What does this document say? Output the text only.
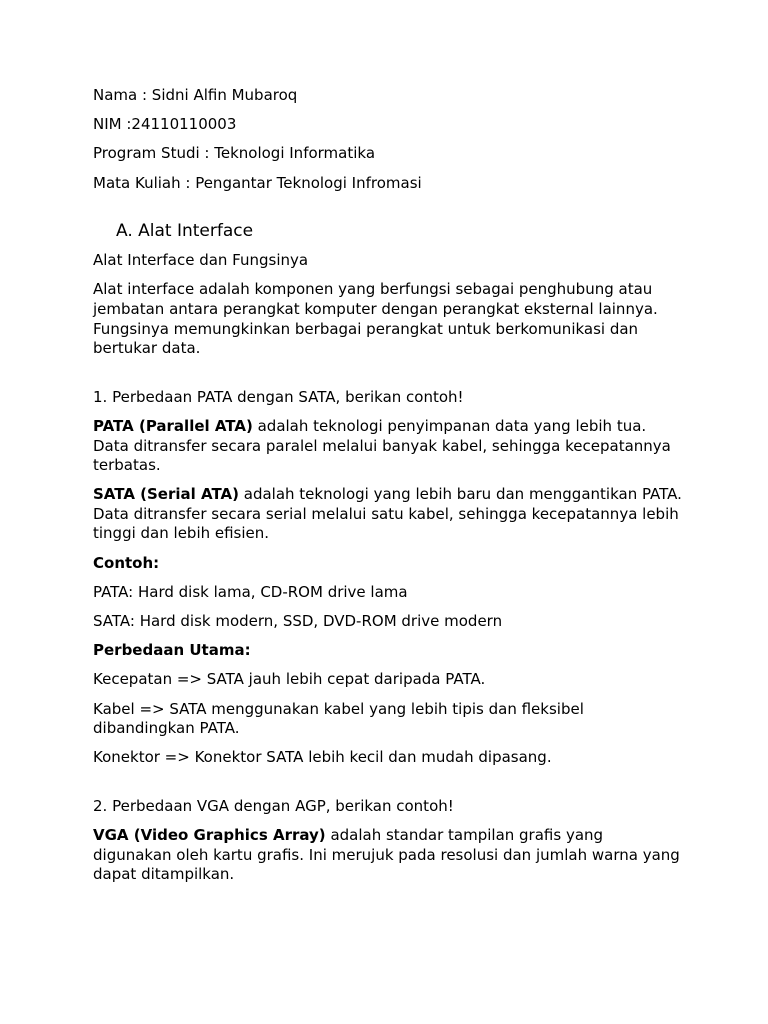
Nama : Sidni Alfin Mubaroq

NIM :24110110003

Program Studi : Teknologi Informatika

Mata Kuliah : Pengantar Teknologi Infromasi

A. Alat Interface

Alat Interface dan Fungsinya

Alat interface adalah komponen yang berfungsi sebagai penghubung atau jembatan antara perangkat komputer dengan perangkat eksternal lainnya. Fungsinya memungkinkan berbagai perangkat untuk berkomunikasi dan bertukar data.

1. Perbedaan PATA dengan SATA, berikan contoh!

PATA (Parallel ATA) adalah teknologi penyimpanan data yang lebih tua. Data ditransfer secara paralel melalui banyak kabel, sehingga kecepatannya terbatas.

SATA (Serial ATA) adalah teknologi yang lebih baru dan menggantikan PATA. Data ditransfer secara serial melalui satu kabel, sehingga kecepatannya lebih tinggi dan lebih efisien.

Contoh:

PATA: Hard disk lama, CD-ROM drive lama

SATA: Hard disk modern, SSD, DVD-ROM drive modern

Perbedaan Utama:

Kecepatan => SATA jauh lebih cepat daripada PATA.

Kabel => SATA menggunakan kabel yang lebih tipis dan fleksibel dibandingkan PATA.

Konektor => Konektor SATA lebih kecil dan mudah dipasang.

2. Perbedaan VGA dengan AGP, berikan contoh!

VGA (Video Graphics Array) adalah standar tampilan grafis yang digunakan oleh kartu grafis. Ini merujuk pada resolusi dan jumlah warna yang dapat ditampilkan.
